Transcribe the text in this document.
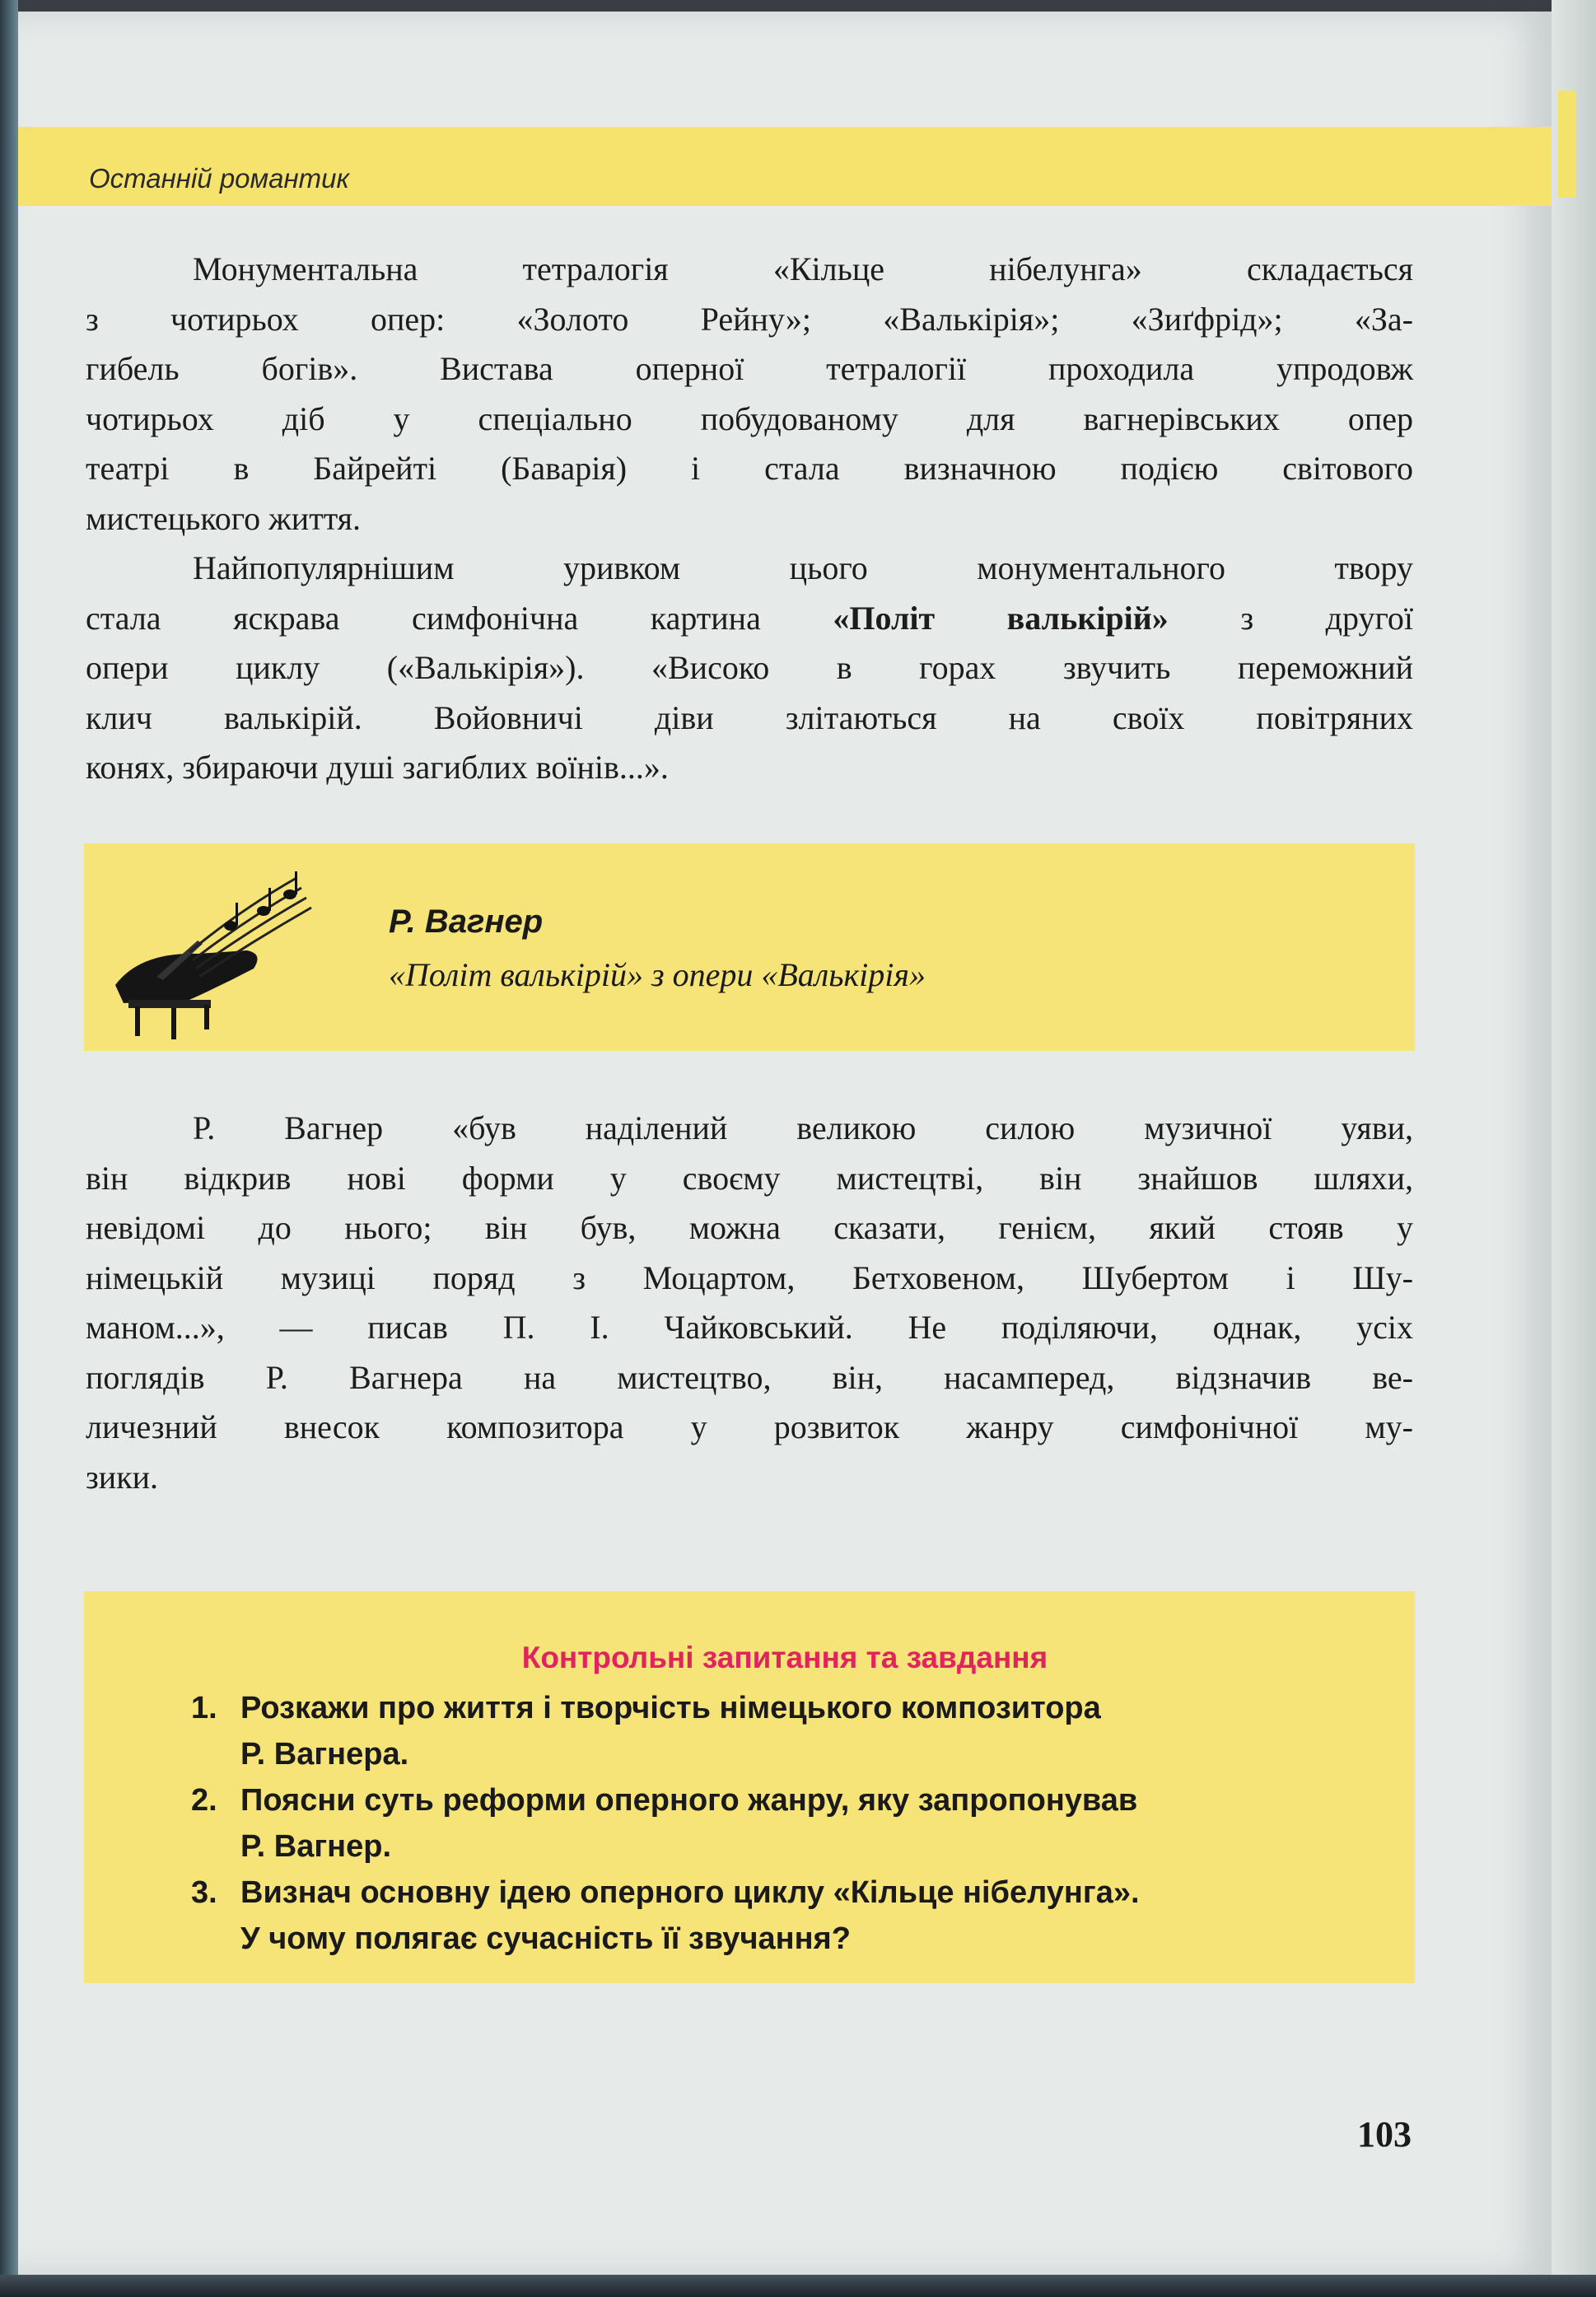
Останній романтик
Монументальна тетралогія «Кільце нібелунга» складається
з чотирьох опер: «Золото Рейну»; «Валькірія»; «Зиґфрід»; «За-
гибель богів». Вистава оперної тетралогії проходила упродовж
чотирьох діб у спеціально побудованому для вагнерівських опер
театрі в Байрейті (Баварія) і стала визначною подією світового
мистецького життя.
Найпопулярнішим уривком цього монументального твору
стала яскрава симфонічна картина «Політ валькірій» з другої
опери циклу («Валькірія»). «Високо в горах звучить переможний
клич валькірій. Войовничі діви злітаються на своїх повітряних
конях, збираючи душі загиблих воїнів...».
Р. Вагнер
«Політ валькірій» з опери «Валькірія»
Р. Вагнер «був наділений великою силою музичної уяви,
він відкрив нові форми у своєму мистецтві, він знайшов шляхи,
невідомі до нього; він був, можна сказати, генієм, який стояв у
німецькій музиці поряд з Моцартом, Бетховеном, Шубертом і Шу-
маном...», — писав П. І. Чайковський. Не поділяючи, однак, усіх
поглядів Р. Вагнера на мистецтво, він, насамперед, відзначив ве-
личезний внесок композитора у розвиток жанру симфонічної му-
зики.
Контрольні запитання та завдання
1. Розкажи про життя і творчість німецького композитора
Р. Вагнера.
2. Поясни суть реформи оперного жанру, яку запропонував
Р. Вагнер.
3. Визнач основну ідею оперного циклу «Кільце нібелунга».
У чому полягає сучасність її звучання?
103
